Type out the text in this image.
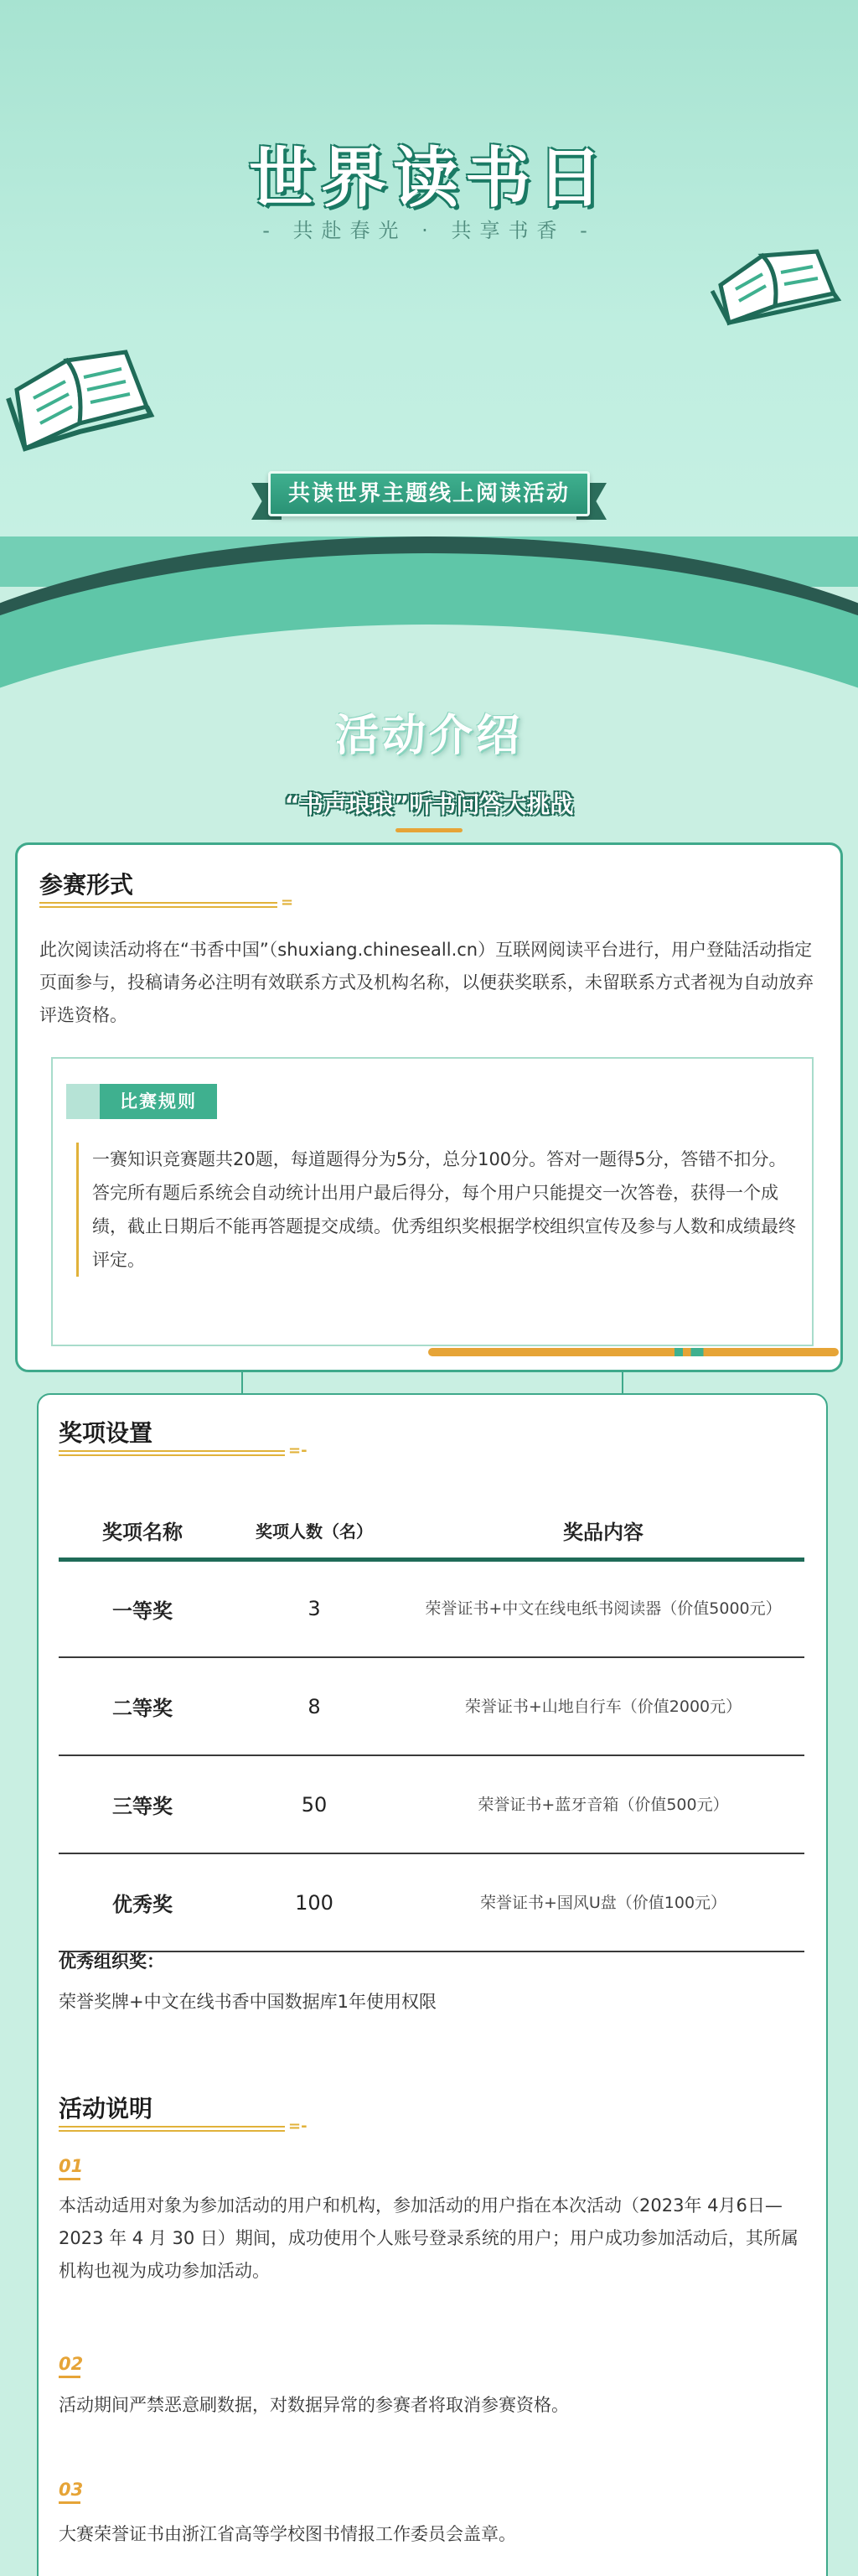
世界读书日
- 共赴春光 · 共享书香 -
共读世界主题线上阅读活动
活动介绍
“书声琅琅”听书问答大挑战
参赛形式
=
此次阅读活动将在“书香中国”（shuxiang.chineseall.cn）互联网阅读平台进行，用户登陆活动指定页面参与，投稿请务必注明有效联系方式及机构名称，以便获奖联系，未留联系方式者视为自动放弃评选资格。
比赛规则
一赛知识竞赛题共20题，每道题得分为5分，总分100分。答对一题得5分，答错不扣分。答完所有题后系统会自动统计出用户最后得分，每个用户只能提交一次答卷，获得一个成绩，截止日期后不能再答题提交成绩。优秀组织奖根据学校组织宣传及参与人数和成绩最终评定。
奖项设置
=-
奖项名称	奖项人数（名）	奖品内容
一等奖	3	荣誉证书+中文在线电纸书阅读器（价值5000元）
二等奖	8	荣誉证书+山地自行车（价值2000元）
三等奖	50	荣誉证书+蓝牙音箱（价值500元）
优秀奖	100	荣誉证书+国风U盘（价值100元）
优秀组织奖：
荣誉奖牌+中文在线书香中国数据库1年使用权限
活动说明
=-
01
本活动适用对象为参加活动的用户和机构，参加活动的用户指在本次活动（2023年 4月6日—2023 年 4 月 30 日）期间，成功使用个人账号登录系统的用户；用户成功参加活动后，其所属机构也视为成功参加活动。
02
活动期间严禁恶意刷数据，对数据异常的参赛者将取消参赛资格。
03
大赛荣誉证书由浙江省高等学校图书情报工作委员会盖章。
